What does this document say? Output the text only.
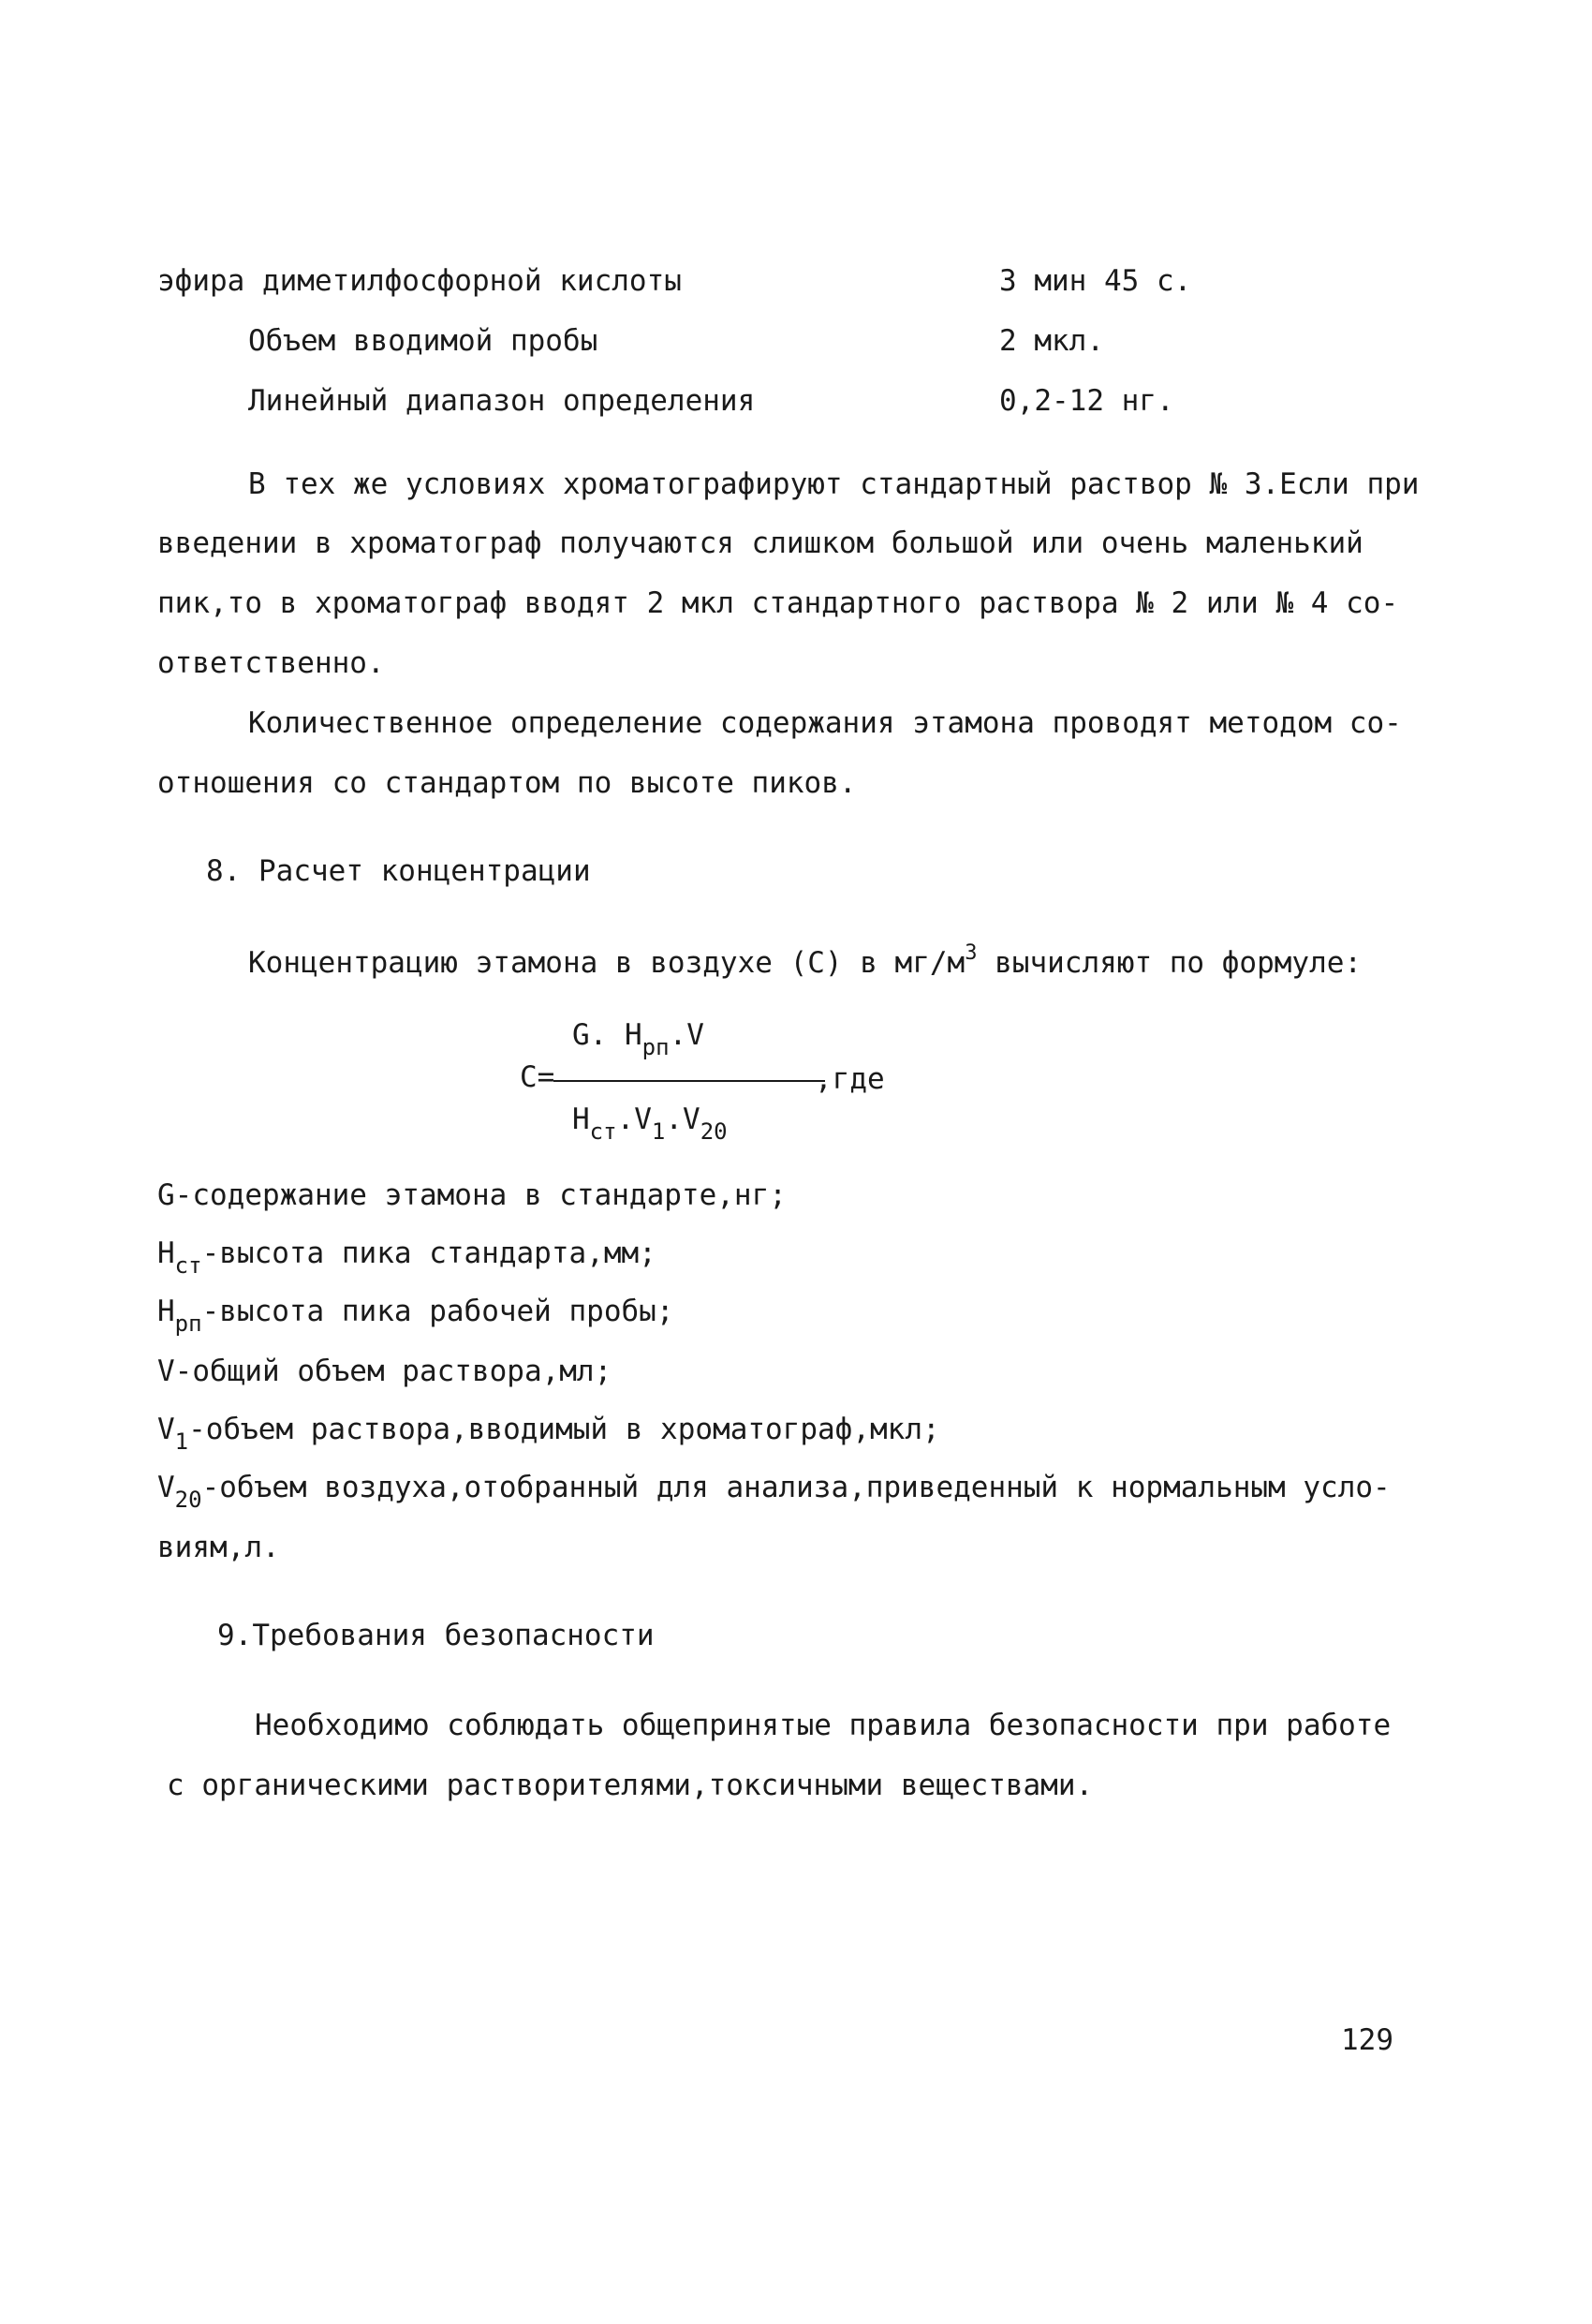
эфира диметилфосфорной кислоты	3 мин 45 с.
Объем вводимой пробы	2 мкл.
Линейный диапазон определения	0,2-12 нг.
В тех же условиях хроматографируют стандартный раствор № 3.Если при
введении в хроматограф получаются слишком большой или очень маленький
пик,то в хроматограф вводят 2 мкл стандартного раствора № 2 или № 4 со-
ответственно.
Количественное определение содержания этамона проводят методом со-
отношения со стандартом по высоте пиков.
8. Расчет концентрации
Концентрацию этамона в воздухе (С) в $мг/м^3$ вычисляют по формуле:
G. $H_{рп}.V$
С=	,где
$H_{ст}.V_1.V_{20}$
G-содержание этамона в стандарте,нг;
$H_{ст}$-высота пика стандарта,мм;
$H_{рп}$-высота пика рабочей пробы;
V-общий объем раствора,мл;
$V_1$-объем раствора,вводимый в хроматограф,мкл;
$V_{20}$-объем воздуха,отобранный для анализа,приведенный к нормальным усло-
виям,л.
9.Требования безопасности
Необходимо соблюдать общепринятые правила безопасности при работе
с органическими растворителями,токсичными веществами.
129
